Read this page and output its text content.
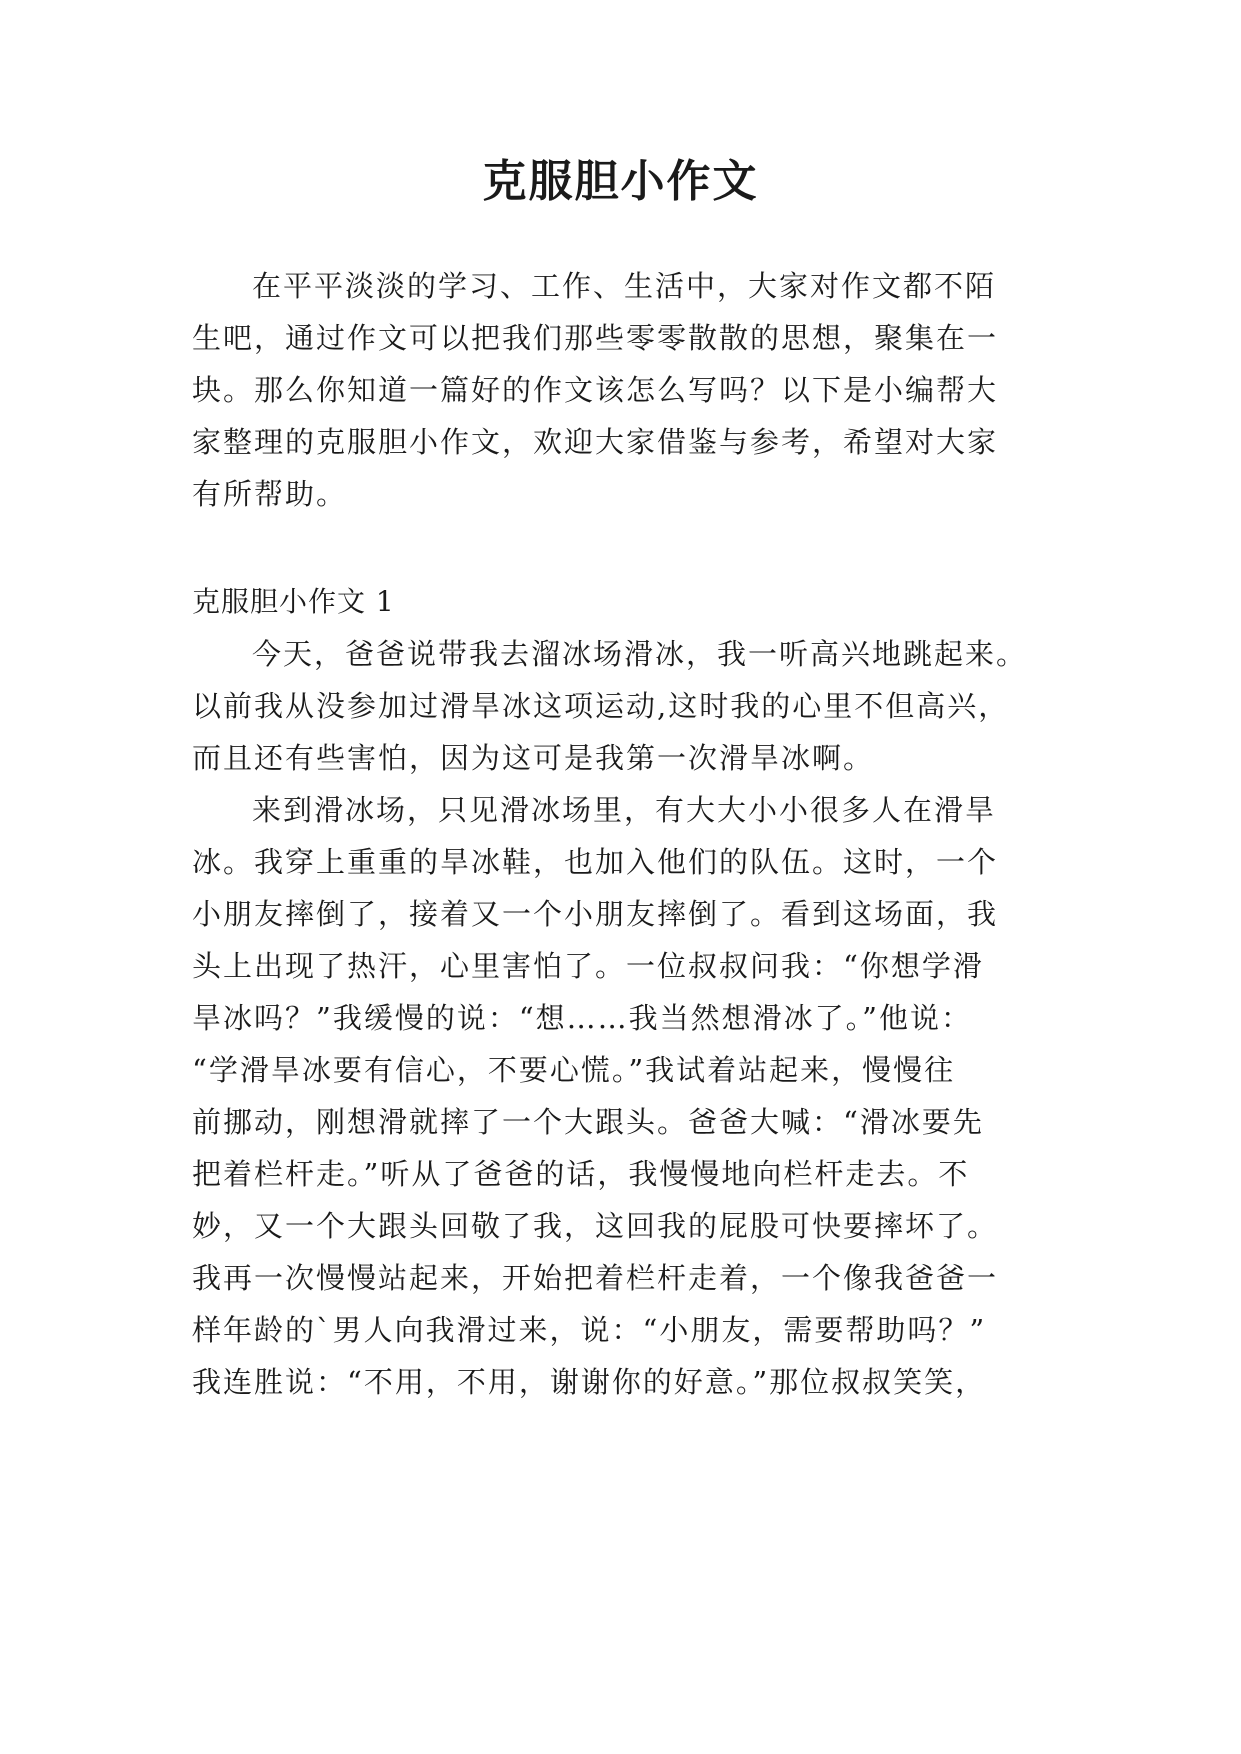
克服胆小作文
在平平淡淡的学习、工作、生活中，大家对作文都不陌
生吧，通过作文可以把我们那些零零散散的思想，聚集在一
块。那么你知道一篇好的作文该怎么写吗？以下是小编帮大
家整理的克服胆小作文，欢迎大家借鉴与参考，希望对大家
有所帮助。
克服胆小作文 1
今天，爸爸说带我去溜冰场滑冰，我一听高兴地跳起来。
以前我从没参加过滑旱冰这项运动,这时我的心里不但高兴，
而且还有些害怕，因为这可是我第一次滑旱冰啊。
来到滑冰场，只见滑冰场里，有大大小小很多人在滑旱
冰。我穿上重重的旱冰鞋，也加入他们的队伍。这时，一个
小朋友摔倒了，接着又一个小朋友摔倒了。看到这场面，我
头上出现了热汗，心里害怕了。一位叔叔问我：“你想学滑
旱冰吗？”我缓慢的说：“想……我当然想滑冰了。”他说：
“学滑旱冰要有信心，不要心慌。”我试着站起来，慢慢往
前挪动，刚想滑就摔了一个大跟头。爸爸大喊：“滑冰要先
把着栏杆走。”听从了爸爸的话，我慢慢地向栏杆走去。不
妙，又一个大跟头回敬了我，这回我的屁股可快要摔坏了。
我再一次慢慢站起来，开始把着栏杆走着，一个像我爸爸一
样年龄的`男人向我滑过来，说：“小朋友，需要帮助吗？”
我连胜说：“不用，不用，谢谢你的好意。”那位叔叔笑笑，
